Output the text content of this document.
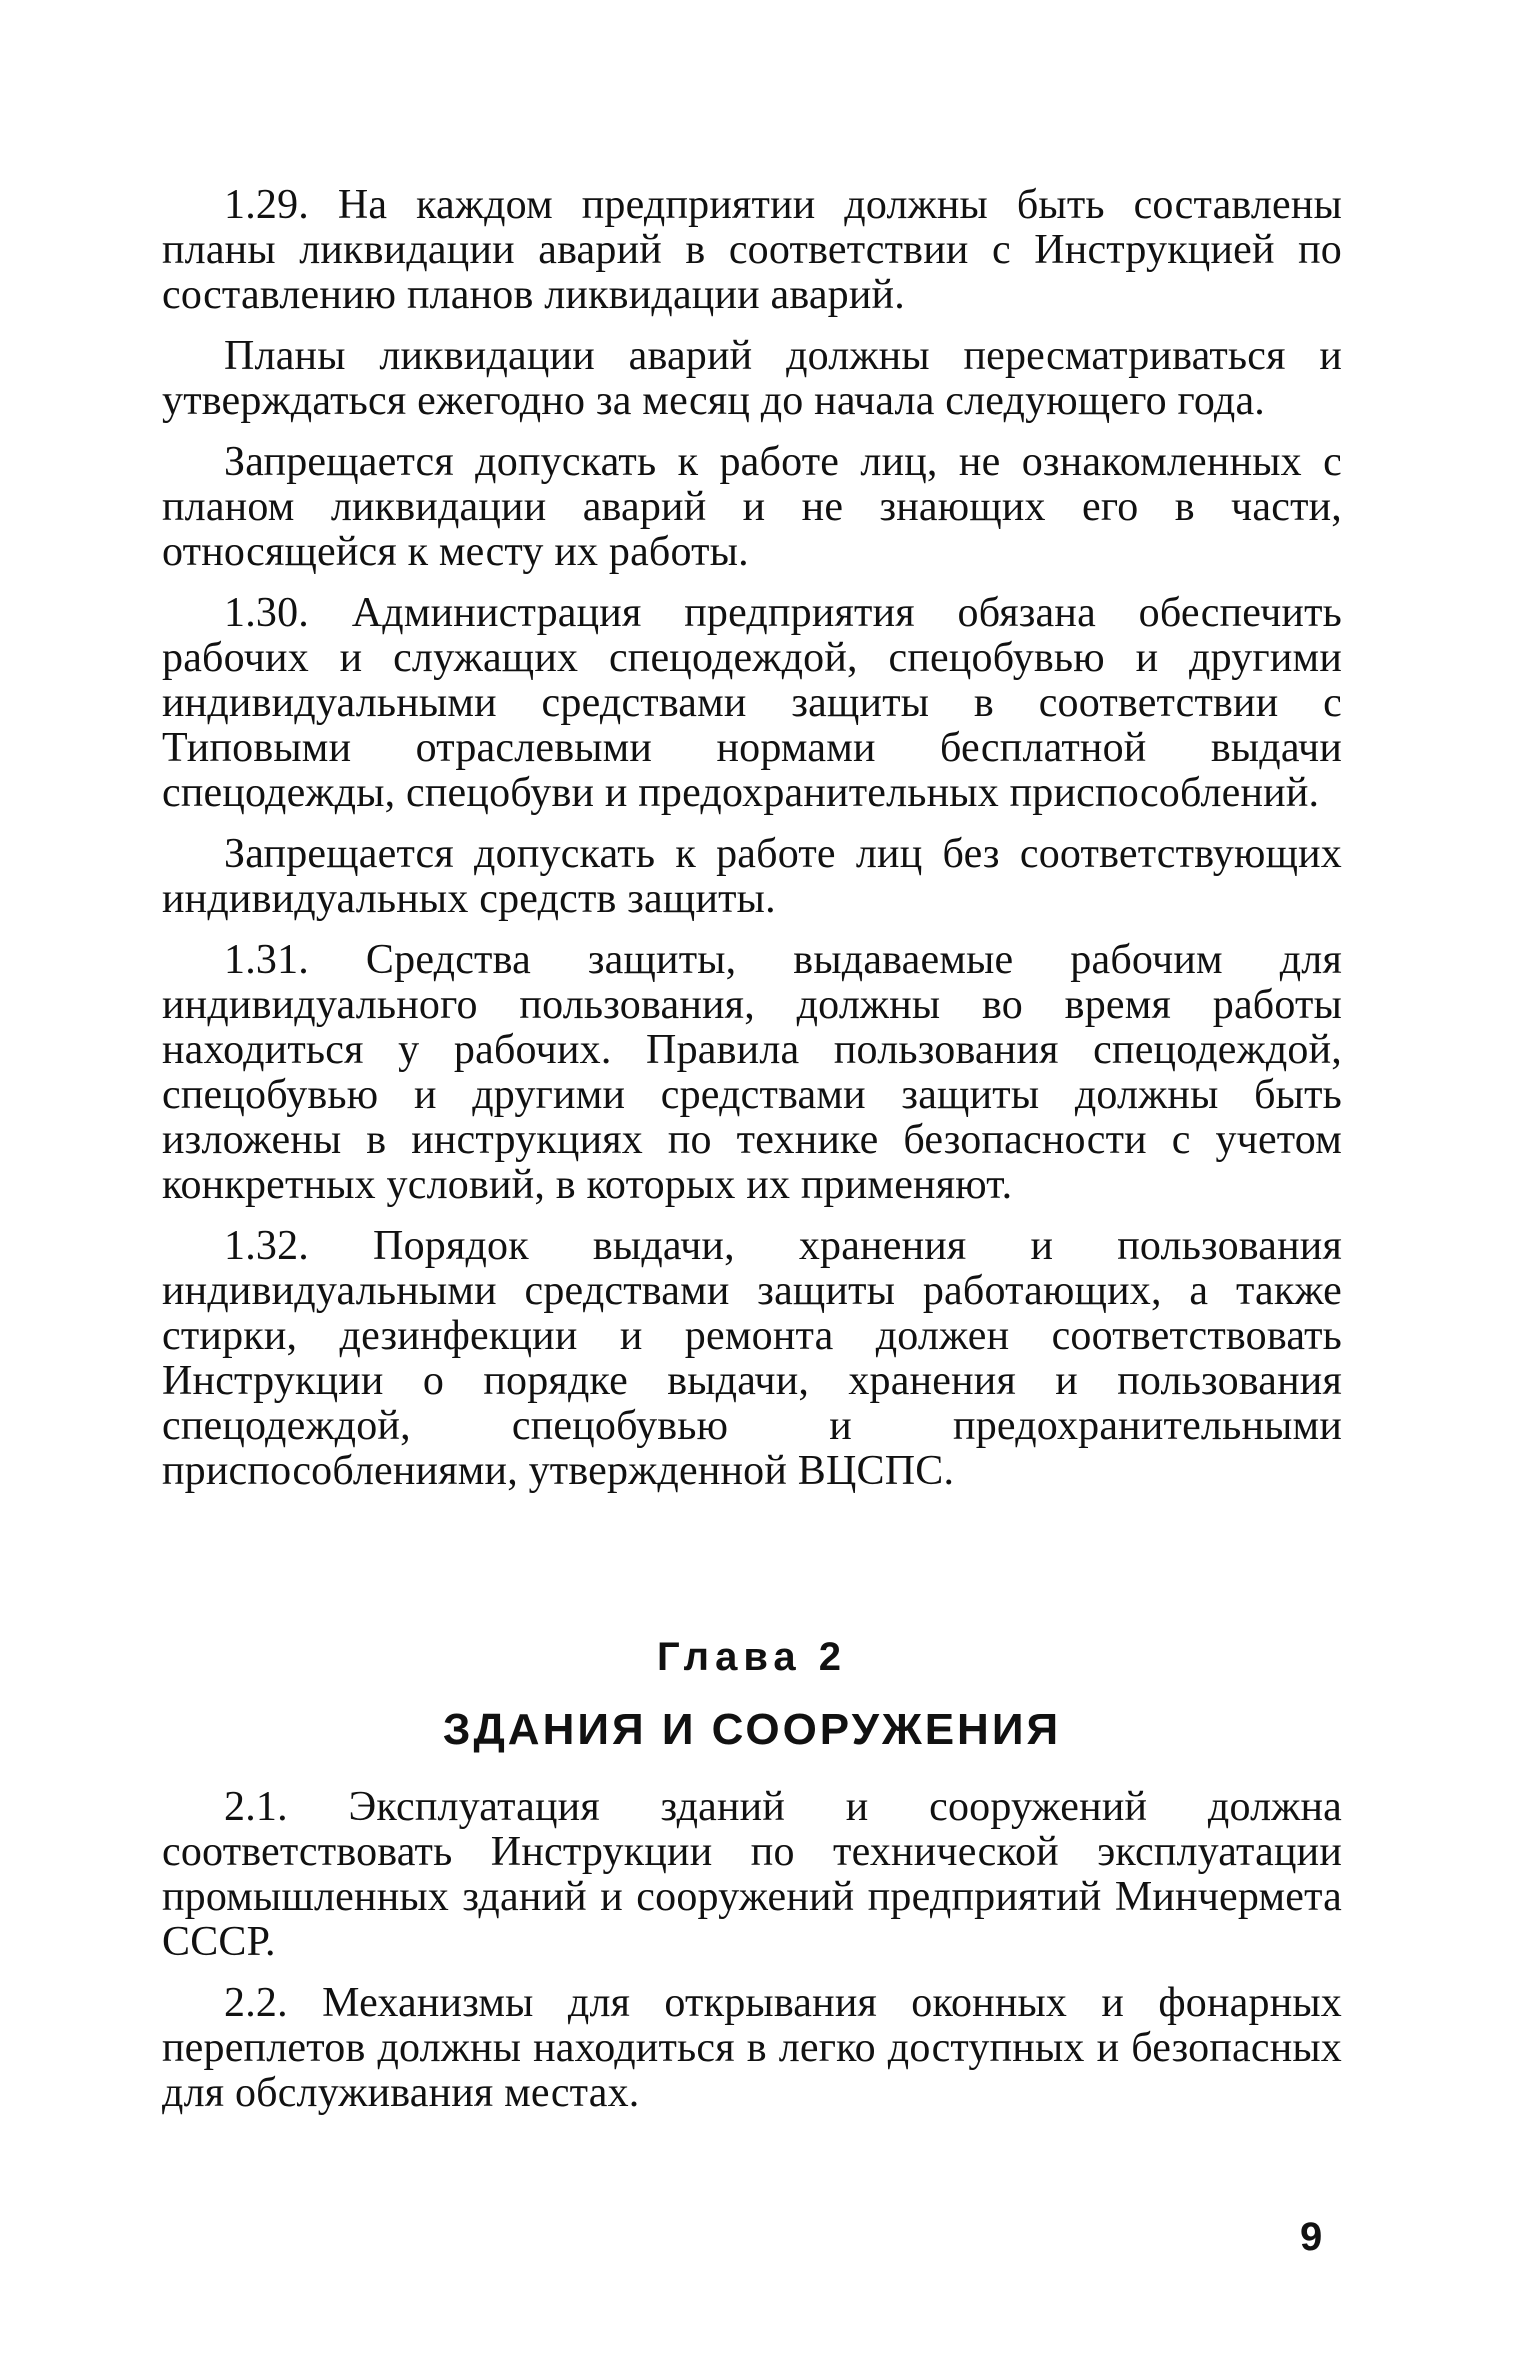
1.29. На каждом предприятии должны быть составлены планы ликвидации аварий в соответствии с Инструкцией по составлению планов ликвидации аварий.

Планы ликвидации аварий должны пересматриваться и утверждаться ежегодно за месяц до начала следующего года.

Запрещается допускать к работе лиц, не ознакомленных с планом ликвидации аварий и не знающих его в части, относящейся к месту их работы.

1.30. Администрация предприятия обязана обеспечить рабочих и служащих спецодеждой, спецобувью и другими индивидуальными средствами защиты в соответствии с Типовыми отраслевыми нормами бесплатной выдачи спецодежды, спецобуви и предохранительных приспособлений.

Запрещается допускать к работе лиц без соответствующих индивидуальных средств защиты.

1.31. Средства защиты, выдаваемые рабочим для индивидуального пользования, должны во время работы находиться у рабочих. Правила пользования спецодеждой, спецобувью и другими средствами защиты должны быть изложены в инструкциях по технике безопасности с учетом конкретных условий, в которых их применяют.

1.32. Порядок выдачи, хранения и пользования индивидуальными средствами защиты работающих, а также стирки, дезинфекции и ремонта должен соответствовать Инструкции о порядке выдачи, хранения и пользования спецодеждой, спецобувью и предохранительными приспособлениями, утвержденной ВЦСПС.

Глава 2

ЗДАНИЯ И СООРУЖЕНИЯ

2.1. Эксплуатация зданий и сооружений должна соответствовать Инструкции по технической эксплуатации промышленных зданий и сооружений предприятий Минчермета СССР.

2.2. Механизмы для открывания оконных и фонарных переплетов должны находиться в легко доступных и безопасных для обслуживания местах.

9
